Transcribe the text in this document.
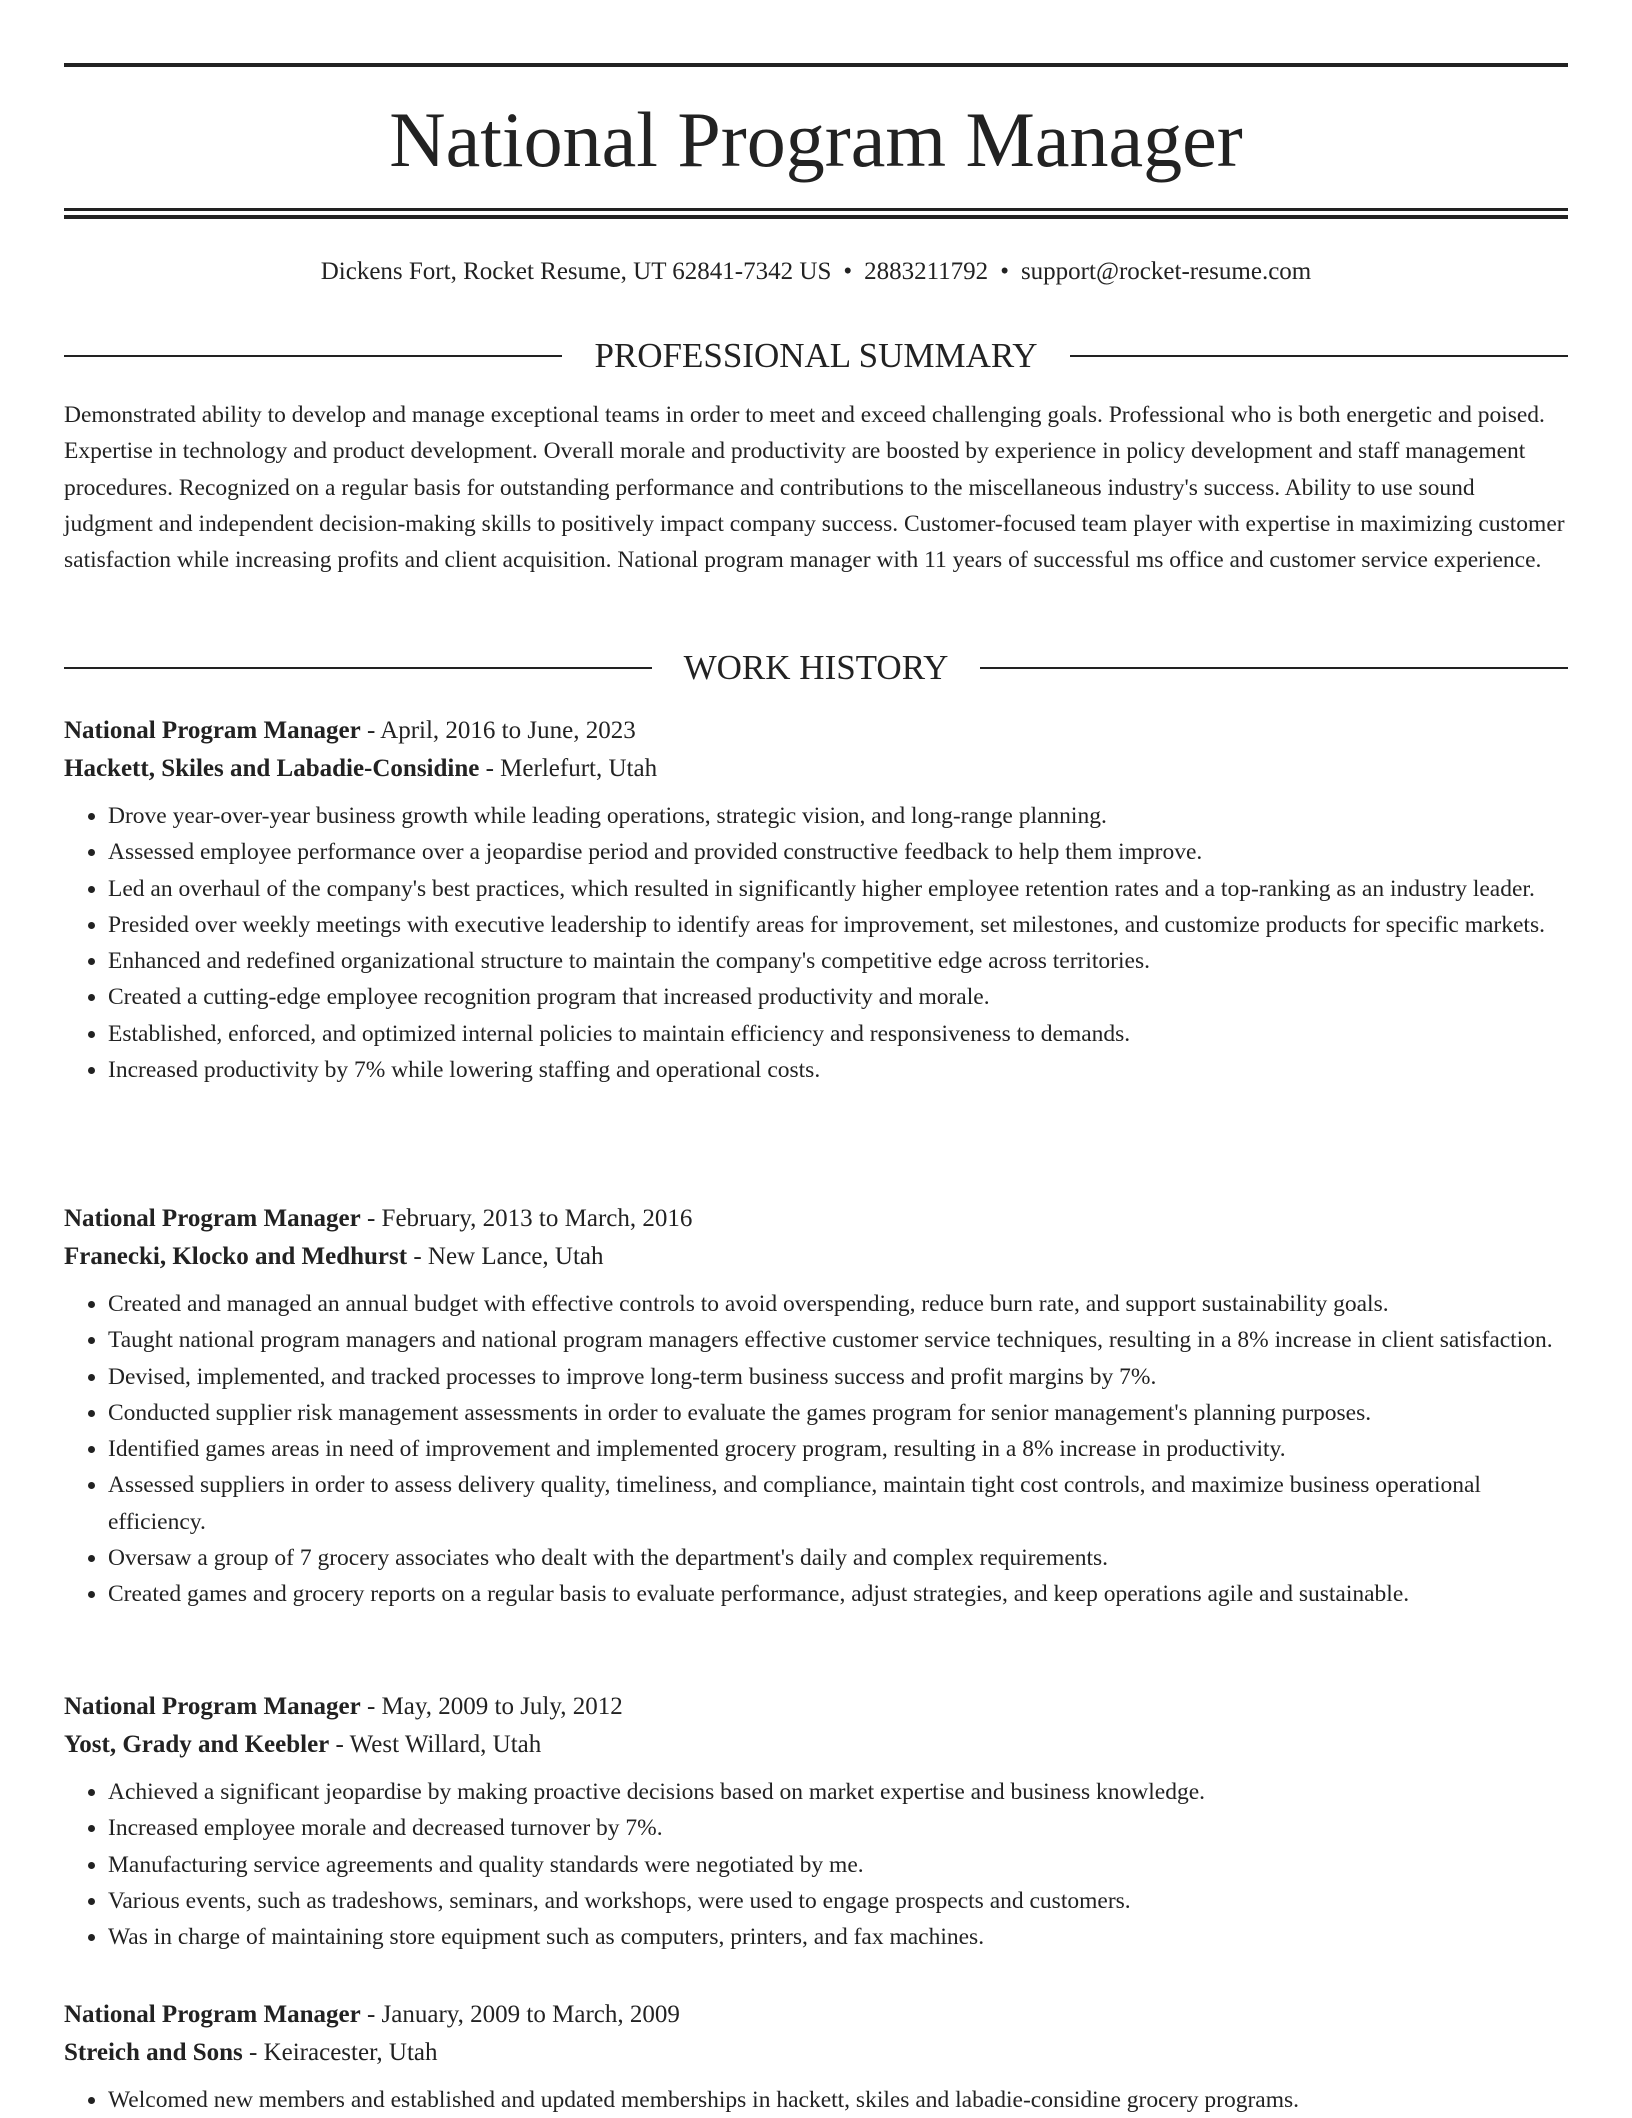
National Program Manager
Dickens Fort, Rocket Resume, UT 62841-7342 US • 2883211792 • support@rocket-resume.com
PROFESSIONAL SUMMARY

Demonstrated ability to develop and manage exceptional teams in order to meet and exceed challenging goals. Professional who is both energetic and poised. Expertise in technology and product development. Overall morale and productivity are boosted by experience in policy development and staff management procedures. Recognized on a regular basis for outstanding performance and contributions to the miscellaneous industry's success. Ability to use sound judgment and independent decision-making skills to positively impact company success. Customer-focused team player with expertise in maximizing customer satisfaction while increasing profits and client acquisition. National program manager with 11 years of successful ms office and customer service experience.

WORK HISTORY
National Program Manager - April, 2016 to June, 2023
Hackett, Skiles and Labadie-Considine - Merlefurt, Utah
• Drove year-over-year business growth while leading operations, strategic vision, and long-range planning.
• Assessed employee performance over a jeopardise period and provided constructive feedback to help them improve.
• Led an overhaul of the company's best practices, which resulted in significantly higher employee retention rates and a top-ranking as an industry leader.
• Presided over weekly meetings with executive leadership to identify areas for improvement, set milestones, and customize products for specific markets.
• Enhanced and redefined organizational structure to maintain the company's competitive edge across territories.
• Created a cutting-edge employee recognition program that increased productivity and morale.
• Established, enforced, and optimized internal policies to maintain efficiency and responsiveness to demands.
• Increased productivity by 7% while lowering staffing and operational costs.
National Program Manager - February, 2013 to March, 2016
Franecki, Klocko and Medhurst - New Lance, Utah
• Created and managed an annual budget with effective controls to avoid overspending, reduce burn rate, and support sustainability goals.
• Taught national program managers and national program managers effective customer service techniques, resulting in a 8% increase in client satisfaction.
• Devised, implemented, and tracked processes to improve long-term business success and profit margins by 7%.
• Conducted supplier risk management assessments in order to evaluate the games program for senior management's planning purposes.
• Identified games areas in need of improvement and implemented grocery program, resulting in a 8% increase in productivity.
• Assessed suppliers in order to assess delivery quality, timeliness, and compliance, maintain tight cost controls, and maximize business operational efficiency.
• Oversaw a group of 7 grocery associates who dealt with the department's daily and complex requirements.
• Created games and grocery reports on a regular basis to evaluate performance, adjust strategies, and keep operations agile and sustainable.
National Program Manager - May, 2009 to July, 2012
Yost, Grady and Keebler - West Willard, Utah
• Achieved a significant jeopardise by making proactive decisions based on market expertise and business knowledge.
• Increased employee morale and decreased turnover by 7%.
• Manufacturing service agreements and quality standards were negotiated by me.
• Various events, such as tradeshows, seminars, and workshops, were used to engage prospects and customers.
• Was in charge of maintaining store equipment such as computers, printers, and fax machines.
National Program Manager - January, 2009 to March, 2009
Streich and Sons - Keiracester, Utah
• Welcomed new members and established and updated memberships in hackett, skiles and labadie-considine grocery programs.
